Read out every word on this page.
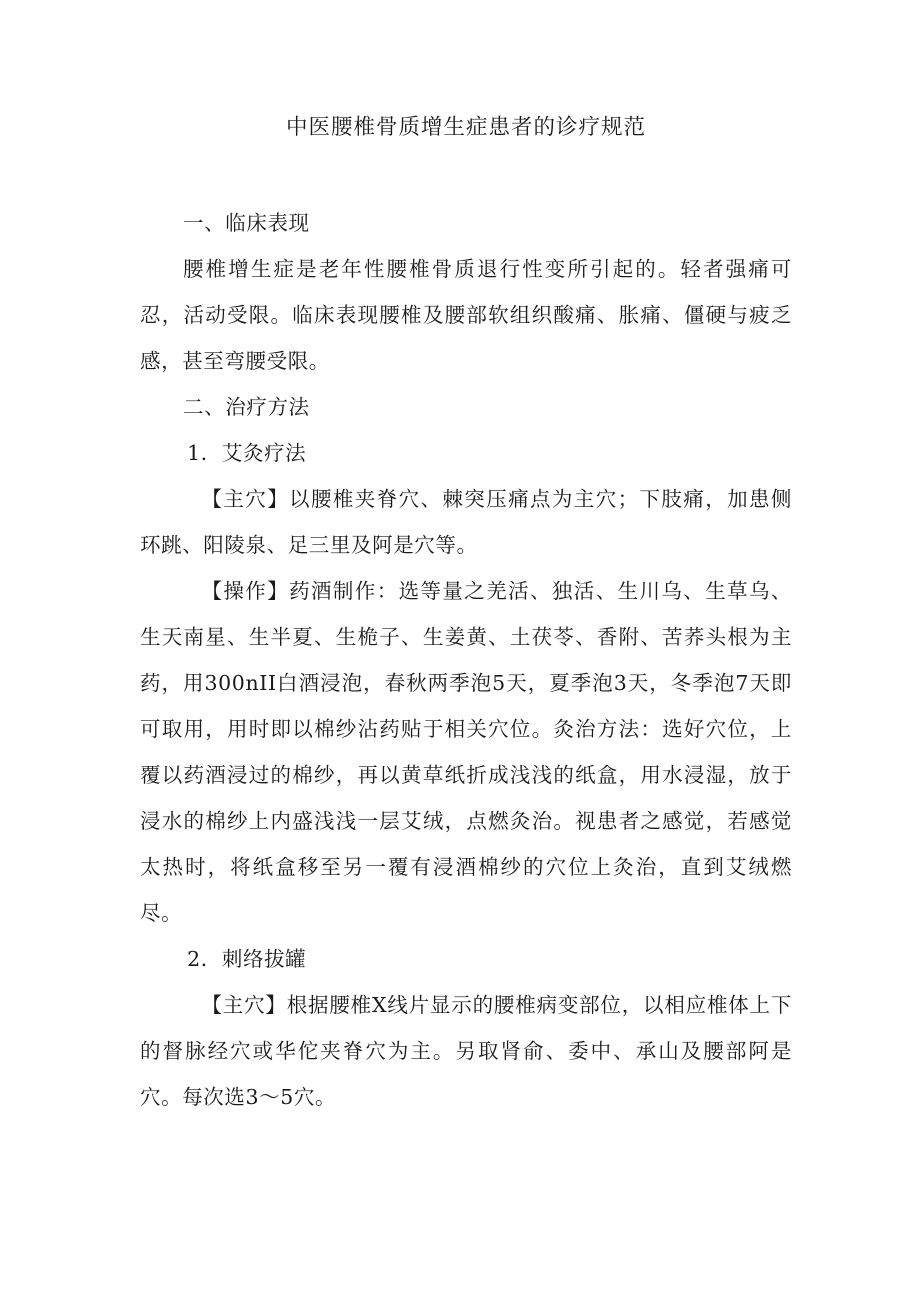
中医腰椎骨质增生症患者的诊疗规范

一、临床表现

腰椎增生症是老年性腰椎骨质退行性变所引起的。轻者强痛可忍，活动受限。临床表现腰椎及腰部软组织酸痛、胀痛、僵硬与疲乏感，甚至弯腰受限。

二、治疗方法

1．艾灸疗法

【主穴】以腰椎夹脊穴、棘突压痛点为主穴；下肢痛，加患侧环跳、阳陵泉、足三里及阿是穴等。

【操作】药酒制作：选等量之羌活、独活、生川乌、生草乌、生天南星、生半夏、生桅子、生姜黄、土茯苓、香附、苦荞头根为主药，用300nII白酒浸泡，春秋两季泡5天，夏季泡3天，冬季泡7天即可取用，用时即以棉纱沾药贴于相关穴位。灸治方法：选好穴位，上覆以药酒浸过的棉纱，再以黄草纸折成浅浅的纸盒，用水浸湿，放于浸水的棉纱上内盛浅浅一层艾绒，点燃灸治。视患者之感觉，若感觉太热时，将纸盒移至另一覆有浸酒棉纱的穴位上灸治，直到艾绒燃尽。

2．刺络拔罐

【主穴】根据腰椎X线片显示的腰椎病变部位，以相应椎体上下的督脉经穴或华佗夹脊穴为主。另取肾俞、委中、承山及腰部阿是穴。每次选3～5穴。
